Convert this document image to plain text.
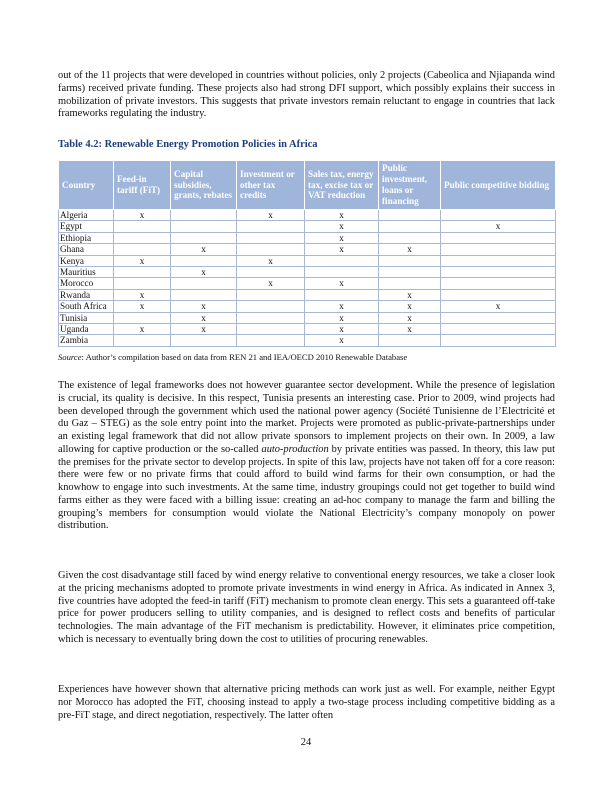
out of the 11 projects that were developed in countries without policies, only 2 projects (Cabeolica and Njiapanda wind farms) received private funding. These projects also had strong DFI support, which possibly explains their success in mobilization of private investors. This suggests that private investors remain reluctant to engage in countries that lack frameworks regulating the industry.

Table 4.2: Renewable Energy Promotion Policies in Africa

Country	Feed-in tariff (FiT)	Capital subsidies, grants, rebates	Investment or other tax credits	Sales tax, energy tax, excise tax or VAT reduction	Public investment, loans or financing	Public competitive bidding
Algeria	x		x	x		
Egypt				x		x
Ethiopia				x		
Ghana		x		x	x	
Kenya	x		x			
Mauritius		x				
Morocco			x	x		
Rwanda	x				x	
South Africa	x	x		x	x	x
Tunisia		x		x	x	
Uganda	x	x		x	x	
Zambia				x		

Source: Author’s compilation based on data from REN 21 and IEA/OECD 2010 Renewable Database

The existence of legal frameworks does not however guarantee sector development. While the presence of legislation is crucial, its quality is decisive. In this respect, Tunisia presents an interesting case. Prior to 2009, wind projects had been developed through the government which used the national power agency (Société Tunisienne de l’Electricité et du Gaz – STEG) as the sole entry point into the market. Projects were promoted as public-private-partnerships under an existing legal framework that did not allow private sponsors to implement projects on their own. In 2009, a law allowing for captive production or the so-called auto-production by private entities was passed. In theory, this law put the premises for the private sector to develop projects. In spite of this law, projects have not taken off for a core reason: there were few or no private firms that could afford to build wind farms for their own consumption, or had the knowhow to engage into such investments. At the same time, industry groupings could not get together to build wind farms either as they were faced with a billing issue: creating an ad-hoc company to manage the farm and billing the grouping’s members for consumption would violate the National Electricity’s company monopoly on power distribution.

Given the cost disadvantage still faced by wind energy relative to conventional energy resources, we take a closer look at the pricing mechanisms adopted to promote private investments in wind energy in Africa. As indicated in Annex 3, five countries have adopted the feed-in tariff (FiT) mechanism to promote clean energy. This sets a guaranteed off-take price for power producers selling to utility companies, and is designed to reflect costs and benefits of particular technologies. The main advantage of the FiT mechanism is predictability. However, it eliminates price competition, which is necessary to eventually bring down the cost to utilities of procuring renewables.

Experiences have however shown that alternative pricing methods can work just as well. For example, neither Egypt nor Morocco has adopted the FiT, choosing instead to apply a two-stage process including competitive bidding as a pre-FiT stage, and direct negotiation, respectively. The latter often

24
